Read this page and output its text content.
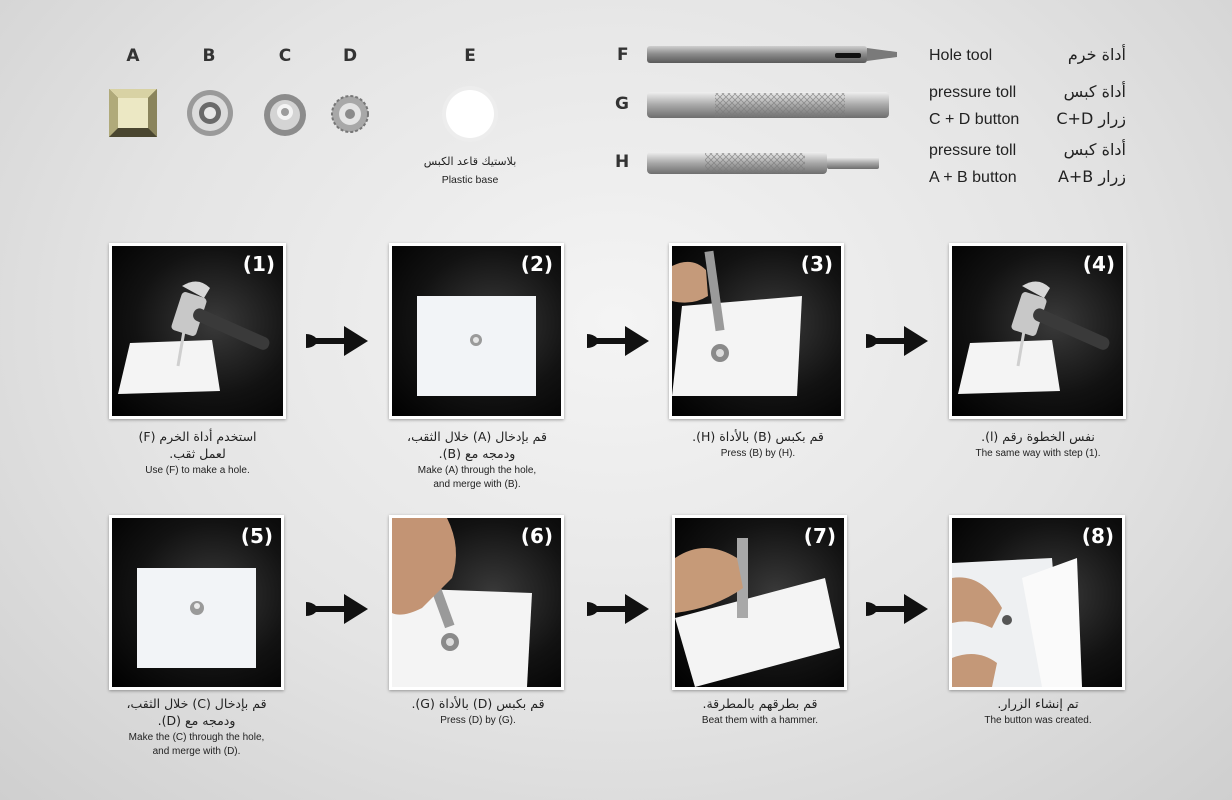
A	B	C	D	E
بلاستيك قاعد الكبس
Plastic base
F
G
H
Hole tool	أداة خرم
pressure toll	أداة كبس
C + D button	زرار C+D
pressure toll	أداة كبس
A + B button	زرار A+B
(1)
استخدم أداة الخرم (F)
لعمل ثقب.
Use (F) to make a hole.
(2)
قم بإدخال (A) خلال الثقب،
ودمجه مع (B).
Make (A) through the hole,
and merge with (B).
(3)
قم بكبس (B) بالأداة (H).
Press (B) by (H).
(4)
نفس الخطوة رقم (ا).
The same way with step (1).
(5)
قم بإدخال (C) خلال الثقب،
ودمجه مع (D).
Make the (C) through the hole,
and merge with (D).
(6)
قم بكبس (D) بالأداة (G).
Press (D) by (G).
(7)
قم بطرقهم بالمطرقة.
Beat them with a hammer.
(8)
تم إنشاء الزرار.
The button was created.
